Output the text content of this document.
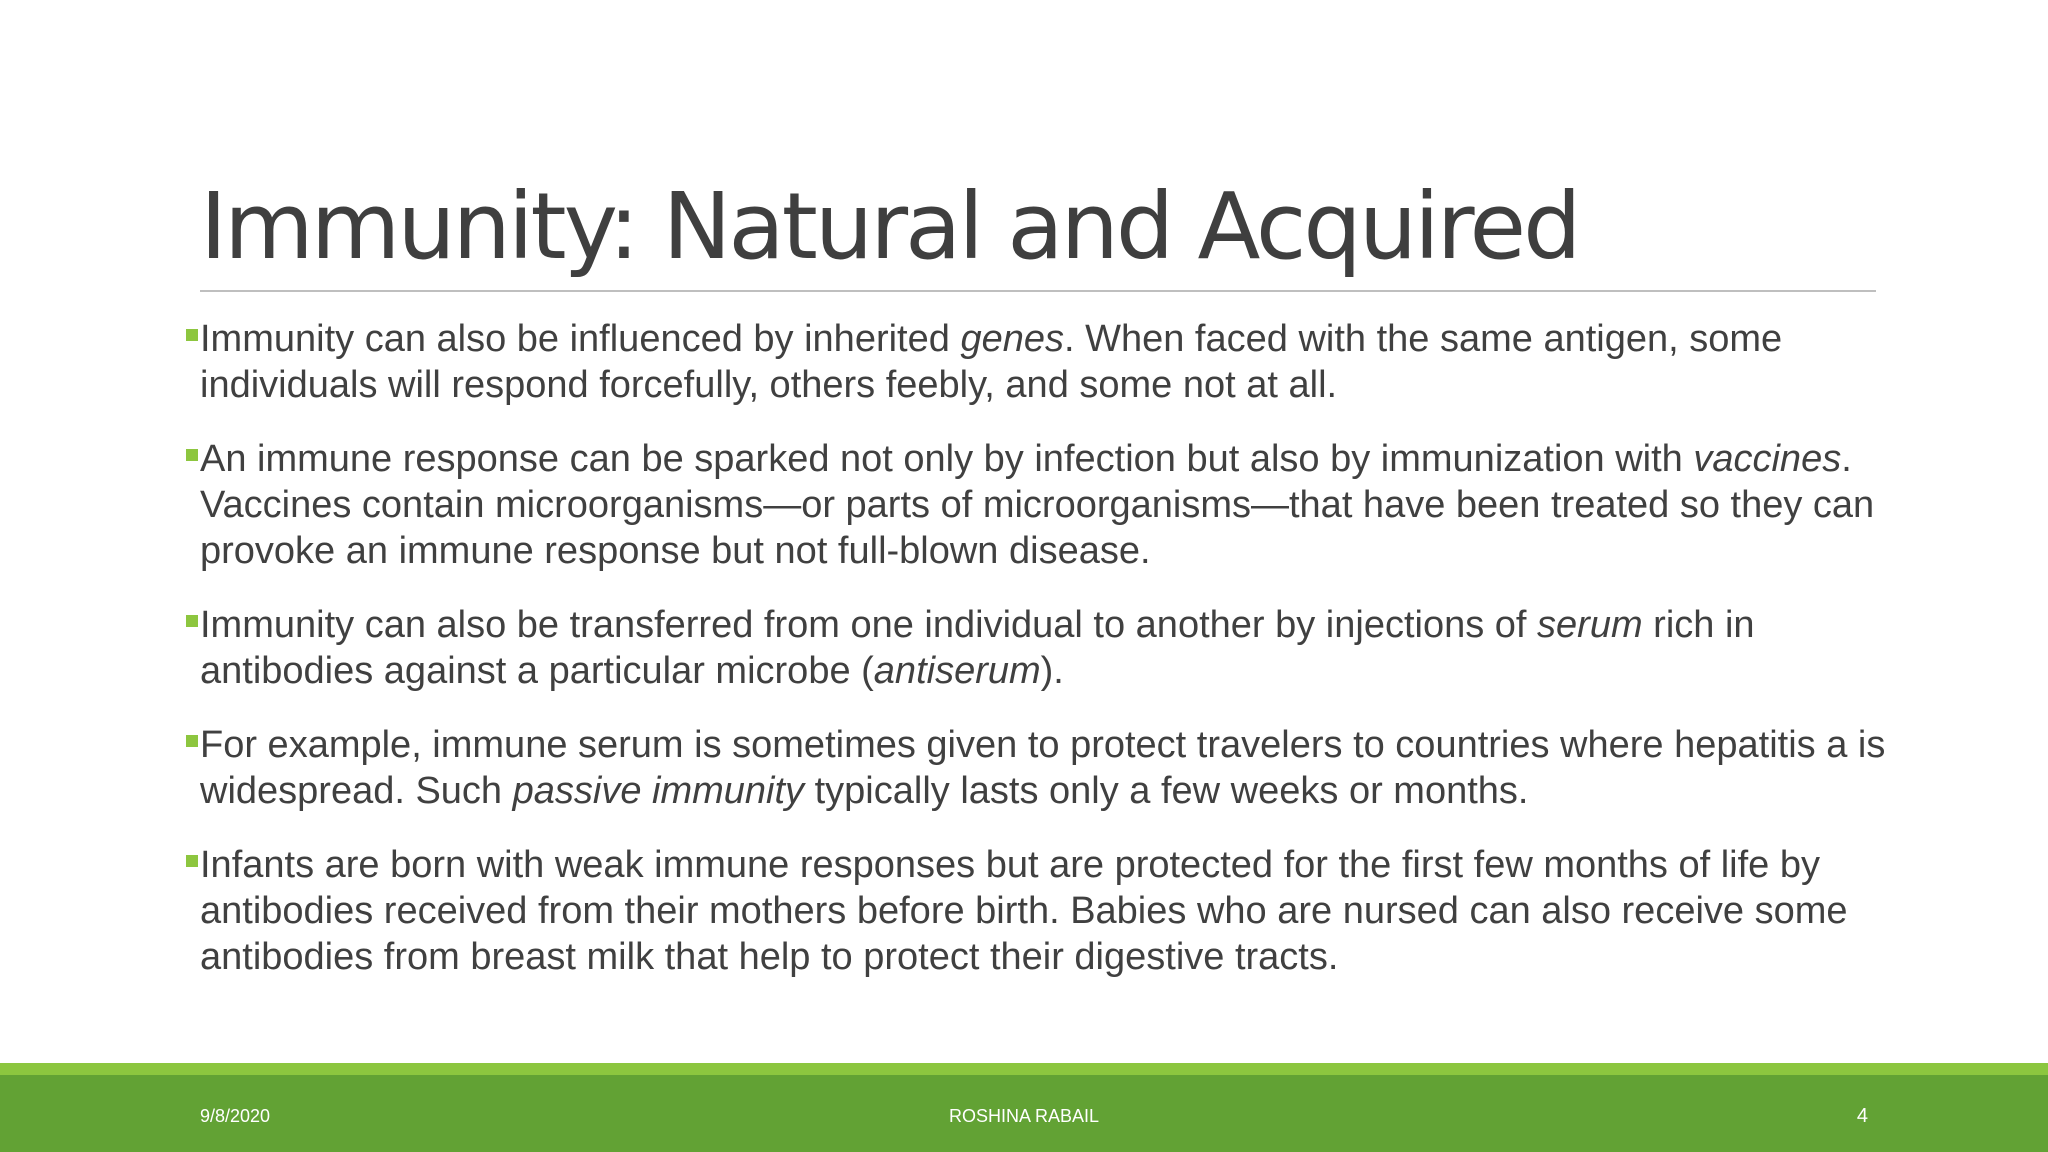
Immunity: Natural and Acquired
Immunity can also be influenced by inherited genes. When faced with the same antigen, some individuals will respond forcefully, others feebly, and some not at all.
An immune response can be sparked not only by infection but also by immunization with vaccines. Vaccines contain microorganisms—or parts of microorganisms—that have been treated so they can provoke an immune response but not full-blown disease.
Immunity can also be transferred from one individual to another by injections of serum rich in antibodies against a particular microbe (antiserum).
For example, immune serum is sometimes given to protect travelers to countries where hepatitis a is widespread. Such passive immunity typically lasts only a few weeks or months.
Infants are born with weak immune responses but are protected for the first few months of life by antibodies received from their mothers before birth. Babies who are nursed can also receive some antibodies from breast milk that help to protect their digestive tracts.
9/8/2020	ROSHINA RABAIL	4
